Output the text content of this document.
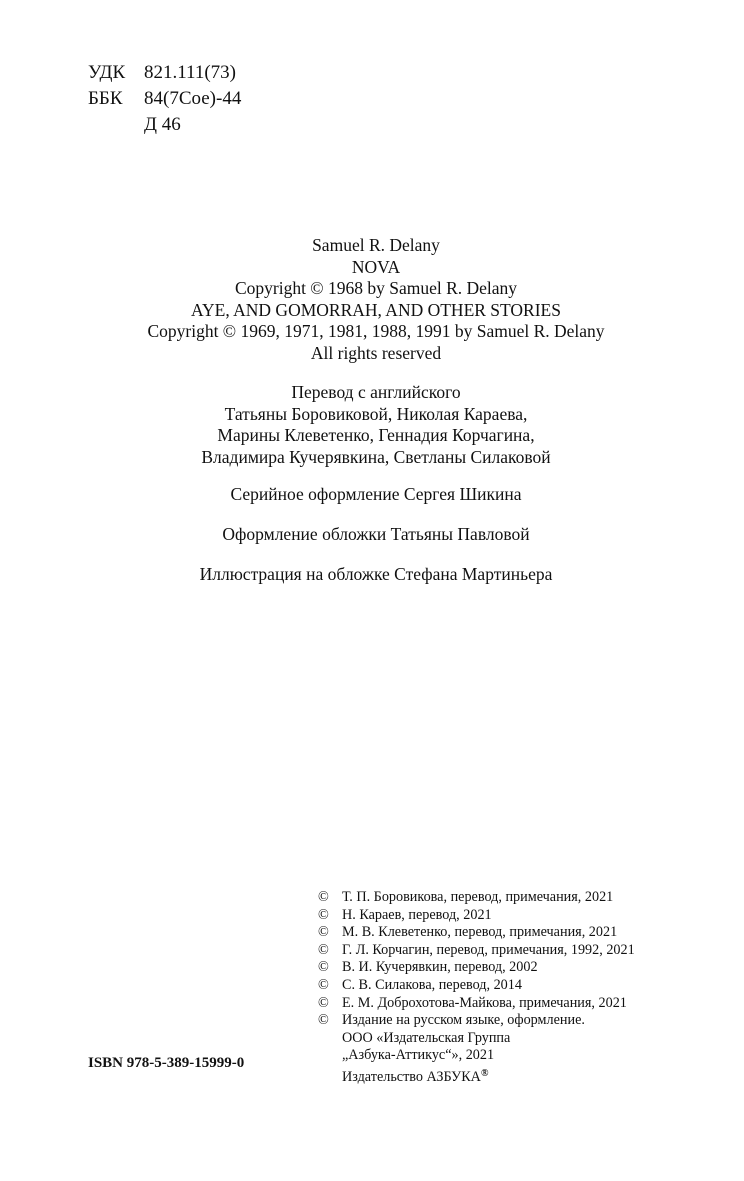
УДК 821.111(73)
ББК	84(7Сое)-44
Д 46
Samuel R. Delany
NOVA
Copyright © 1968 by Samuel R. Delany
AYE, AND GOMORRAH, AND OTHER STORIES
Copyright © 1969, 1971, 1981, 1988, 1991 by Samuel R. Delany
All rights reserved
Перевод с английского
Татьяны Боровиковой, Николая Караева,
Марины Клеветенко, Геннадия Корчагина,
Владимира Кучерявкина, Светланы Силаковой
Серийное оформление Сергея Шикина
Оформление обложки Татьяны Павловой
Иллюстрация на обложке Стефана Мартиньера
© Т. П. Боровикова, перевод, примечания, 2021
© Н. Караев, перевод, 2021
© М. В. Клеветенко, перевод, примечания, 2021
© Г. Л. Корчагин, перевод, примечания, 1992, 2021
© В. И. Кучерявкин, перевод, 2002
© С. В. Силакова, перевод, 2014
© Е. М. Доброхотова-Майкова, примечания, 2021
© Издание на русском языке, оформление.
ООО «Издательская Группа
„Азбука-Аттикус“», 2021
Издательство АЗБУКА®
ISBN 978-5-389-15999-0
